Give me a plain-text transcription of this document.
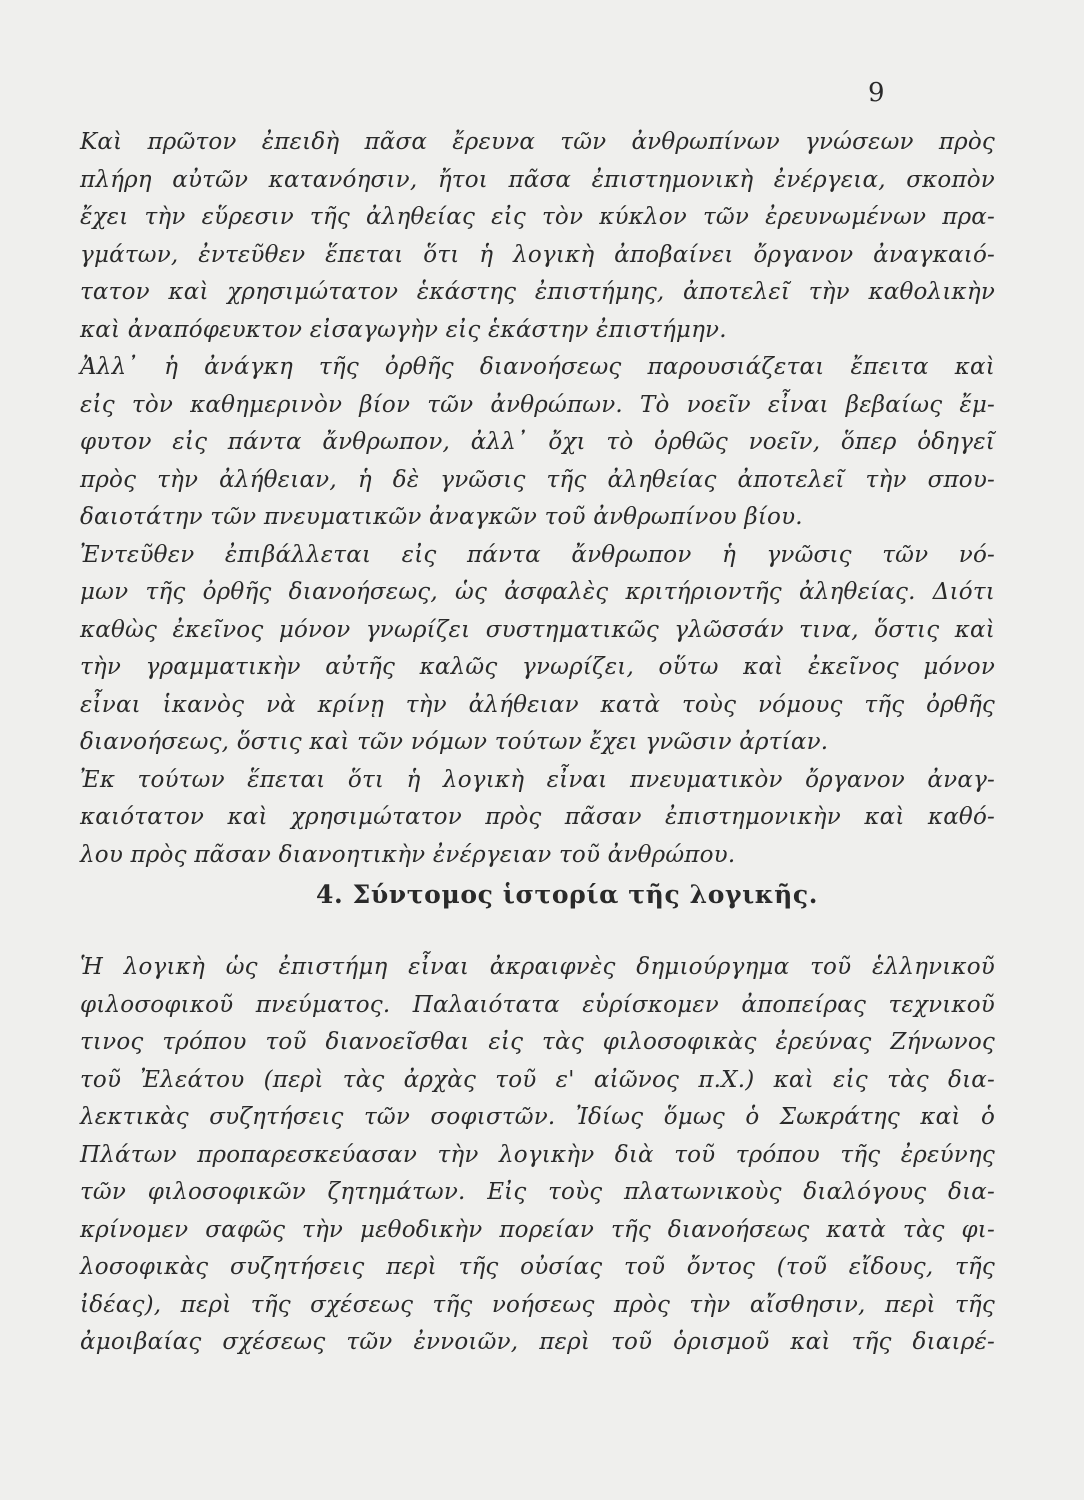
9
Καὶ πρῶτον ἐπειδὴ πᾶσα ἔρευνα τῶν ἀνθρωπίνων γνώσεων πρὸς
πλήρη αὐτῶν κατανόησιν, ἤτοι πᾶσα ἐπιστημονικὴ ἐνέργεια, σκοπὸν
ἔχει τὴν εὕρεσιν τῆς ἀληθείας εἰς τὸν κύκλον τῶν ἐρευνωμένων πρα-
γμάτων, ἐντεῦθεν ἕπεται ὅτι ἡ λογικὴ ἀποβαίνει ὄργανον ἀναγκαιό-
τατον καὶ χρησιμώτατον ἑκάστης ἐπιστήμης, ἀποτελεῖ τὴν καθολικὴν
καὶ ἀναπόφευκτον εἰσαγωγὴν εἰς ἑκάστην ἐπιστήμην.
Ἀλλ᾽ ἡ ἀνάγκη τῆς ὀρθῆς διανοήσεως παρουσιάζεται ἔπειτα καὶ
εἰς τὸν καθημερινὸν βίον τῶν ἀνθρώπων. Τὸ νοεῖν εἶναι βεβαίως ἔμ-
φυτον εἰς πάντα ἄνθρωπον, ἀλλ᾽ ὄχι τὸ ὀρθῶς νοεῖν, ὅπερ ὁδηγεῖ
πρὸς τὴν ἀλήθειαν, ἡ δὲ γνῶσις τῆς ἀληθείας ἀποτελεῖ τὴν σπου-
δαιοτάτην τῶν πνευματικῶν ἀναγκῶν τοῦ ἀνθρωπίνου βίου.
Ἐντεῦθεν ἐπιβάλλεται εἰς πάντα ἄνθρωπον ἡ γνῶσις τῶν νό-
μων τῆς ὀρθῆς διανοήσεως, ὡς ἀσφαλὲς κριτήριοντῆς ἀληθείας. Διότι
καθὼς ἐκεῖνος μόνον γνωρίζει συστηματικῶς γλῶσσάν τινα, ὅστις καὶ
τὴν γραμματικὴν αὐτῆς καλῶς γνωρίζει, οὕτω καὶ ἐκεῖνος μόνον
εἶναι ἱκανὸς νὰ κρίνῃ τὴν ἀλήθειαν κατὰ τοὺς νόμους τῆς ὀρθῆς
διανοήσεως, ὅστις καὶ τῶν νόμων τούτων ἔχει γνῶσιν ἀρτίαν.
Ἐκ τούτων ἕπεται ὅτι ἡ λογικὴ εἶναι πνευματικὸν ὄργανον ἀναγ-
καιότατον καὶ χρησιμώτατον πρὸς πᾶσαν ἐπιστημονικὴν καὶ καθό-
λου πρὸς πᾶσαν διανοητικὴν ἐνέργειαν τοῦ ἀνθρώπου.
4. Σύντομος ἱστορία τῆς λογικῆς.
Ἡ λογικὴ ὡς ἐπιστήμη εἶναι ἀκραιφνὲς δημιούργημα τοῦ ἑλληνικοῦ
φιλοσοφικοῦ πνεύματος. Παλαιότατα εὑρίσκομεν ἀποπείρας τεχνικοῦ
τινος τρόπου τοῦ διανοεῖσθαι εἰς τὰς φιλοσοφικὰς ἐρεύνας Ζήνωνος
τοῦ Ἐλεάτου (περὶ τὰς ἀρχὰς τοῦ ε' αἰῶνος π.Χ.) καὶ εἰς τὰς δια-
λεκτικὰς συζητήσεις τῶν σοφιστῶν. Ἰδίως ὅμως ὁ Σωκράτης καὶ ὁ
Πλάτων προπαρεσκεύασαν τὴν λογικὴν διὰ τοῦ τρόπου τῆς ἐρεύνης
τῶν φιλοσοφικῶν ζητημάτων. Εἰς τοὺς πλατωνικοὺς διαλόγους δια-
κρίνομεν σαφῶς τὴν μεθοδικὴν πορείαν τῆς διανοήσεως κατὰ τὰς φι-
λοσοφικὰς συζητήσεις περὶ τῆς οὐσίας τοῦ ὄντος (τοῦ εἴδους, τῆς
ἰδέας), περὶ τῆς σχέσεως τῆς νοήσεως πρὸς τὴν αἴσθησιν, περὶ τῆς
ἀμοιβαίας σχέσεως τῶν ἐννοιῶν, περὶ τοῦ ὁρισμοῦ καὶ τῆς διαιρέ-
